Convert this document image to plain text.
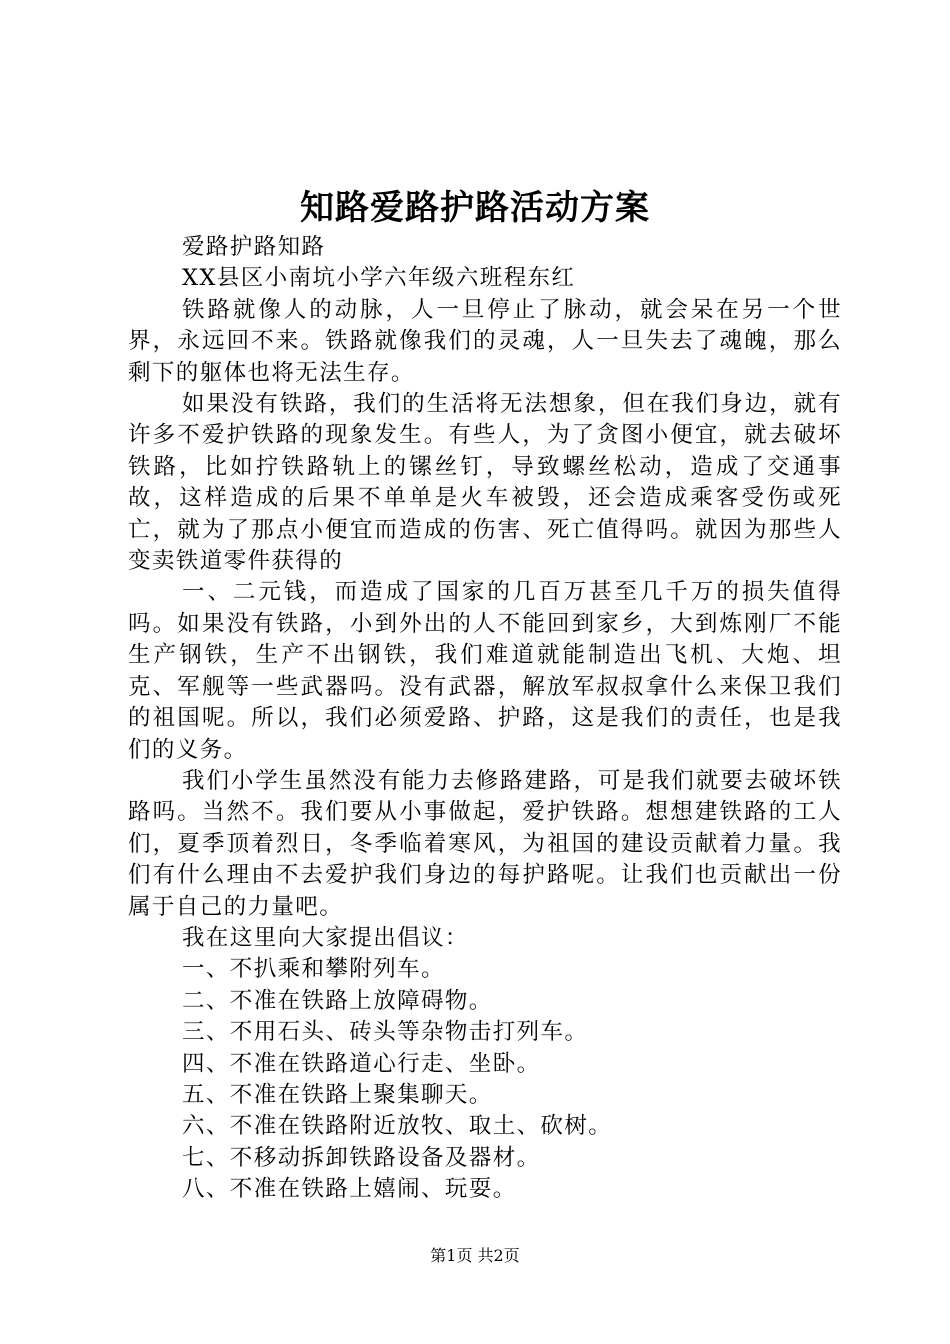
知路爱路护路活动方案

爱路护路知路

XX县区小南坑小学六年级六班程东红

铁路就像人的动脉，人一旦停止了脉动，就会呆在另一个世界，永远回不来。铁路就像我们的灵魂，人一旦失去了魂魄，那么剩下的躯体也将无法生存。

如果没有铁路，我们的生活将无法想象，但在我们身边，就有许多不爱护铁路的现象发生。有些人，为了贪图小便宜，就去破坏铁路，比如拧铁路轨上的镙丝钉，导致螺丝松动，造成了交通事故，这样造成的后果不单单是火车被毁，还会造成乘客受伤或死亡，就为了那点小便宜而造成的伤害、死亡值得吗。就因为那些人变卖铁道零件获得的

一、二元钱，而造成了国家的几百万甚至几千万的损失值得吗。如果没有铁路，小到外出的人不能回到家乡，大到炼刚厂不能生产钢铁，生产不出钢铁，我们难道就能制造出飞机、大炮、坦克、军舰等一些武器吗。没有武器，解放军叔叔拿什么来保卫我们的祖国呢。所以，我们必须爱路、护路，这是我们的责任，也是我们的义务。

我们小学生虽然没有能力去修路建路，可是我们就要去破坏铁路吗。当然不。我们要从小事做起，爱护铁路。想想建铁路的工人们，夏季顶着烈日，冬季临着寒风，为祖国的建设贡献着力量。我们有什么理由不去爱护我们身边的每护路呢。让我们也贡献出一份属于自己的力量吧。

我在这里向大家提出倡议：

一、不扒乘和攀附列车。

二、不准在铁路上放障碍物。

三、不用石头、砖头等杂物击打列车。

四、不准在铁路道心行走、坐卧。

五、不准在铁路上聚集聊天。

六、不准在铁路附近放牧、取土、砍树。

七、不移动拆卸铁路设备及器材。

八、不准在铁路上嬉闹、玩耍。

第1页 共2页
